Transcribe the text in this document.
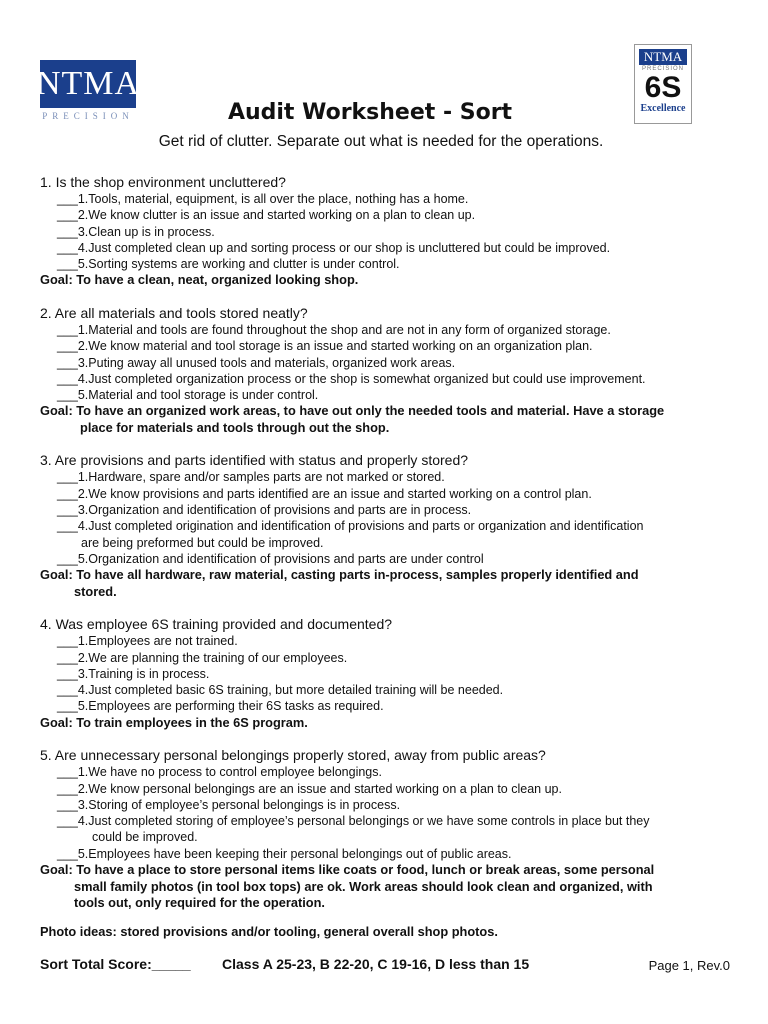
NTMA
PRECISION
NTMA
PRECISION
6S
Excellence
Audit Worksheet - Sort
Get rid of clutter. Separate out what is needed for the operations.
1. Is the shop environment uncluttered?
___1.Tools, material, equipment, is all over the place, nothing has a home.
___2.We know clutter is an issue and started working on a plan to clean up.
___3.Clean up is in process.
___4.Just completed clean up and sorting process or our shop is uncluttered but could be improved.
___5.Sorting systems are working and clutter is under control.
Goal: To have a clean, neat, organized looking shop.
2. Are all materials and tools stored neatly?
___1.Material and tools are found throughout the shop and are not in any form of organized storage.
___2.We know material and tool storage is an issue and started working on an organization plan.
___3.Puting away all unused tools and materials, organized work areas.
___4.Just completed organization process or the shop is somewhat organized but could use improvement.
___5.Material and tool storage is under control.
Goal: To have an organized work areas, to have out only the needed tools and material. Have a storage
place for materials and tools through out the shop.
3. Are provisions and parts identified with status and properly stored?
___1.Hardware, spare and/or samples parts are not marked or stored.
___2.We know provisions and parts identified are an issue and started working on a control plan.
___3.Organization and identification of provisions and parts are in process.
___4.Just completed origination and identification of provisions and parts or organization and identification
are being preformed but could be improved.
___5.Organization and identification of provisions and parts are under control
Goal: To have all hardware, raw material, casting parts in-process, samples properly identified and
stored.
4. Was employee 6S training provided and documented?
___1.Employees are not trained.
___2.We are planning the training of our employees.
___3.Training is in process.
___4.Just completed basic 6S training, but more detailed training will be needed.
___5.Employees are performing their 6S tasks as required.
Goal: To train employees in the 6S program.
5. Are unnecessary personal belongings properly stored, away from public areas?
___1.We have no process to control employee belongings.
___2.We know personal belongings are an issue and started working on a plan to clean up.
___3.Storing of employee’s personal belongings is in process.
___4.Just completed storing of employee’s personal belongings or we have some controls in place but they
could be improved.
___5.Employees have been keeping their personal belongings out of public areas.
Goal: To have a place to store personal items like coats or food, lunch or break areas, some personal
small family photos (in tool box tops) are ok. Work areas should look clean and organized, with
tools out, only required for the operation.
Photo ideas: stored provisions and/or tooling, general overall shop photos.
Sort Total Score:_____ Class A 25-23, B 22-20, C 19-16, D less than 15	Page 1, Rev.0
